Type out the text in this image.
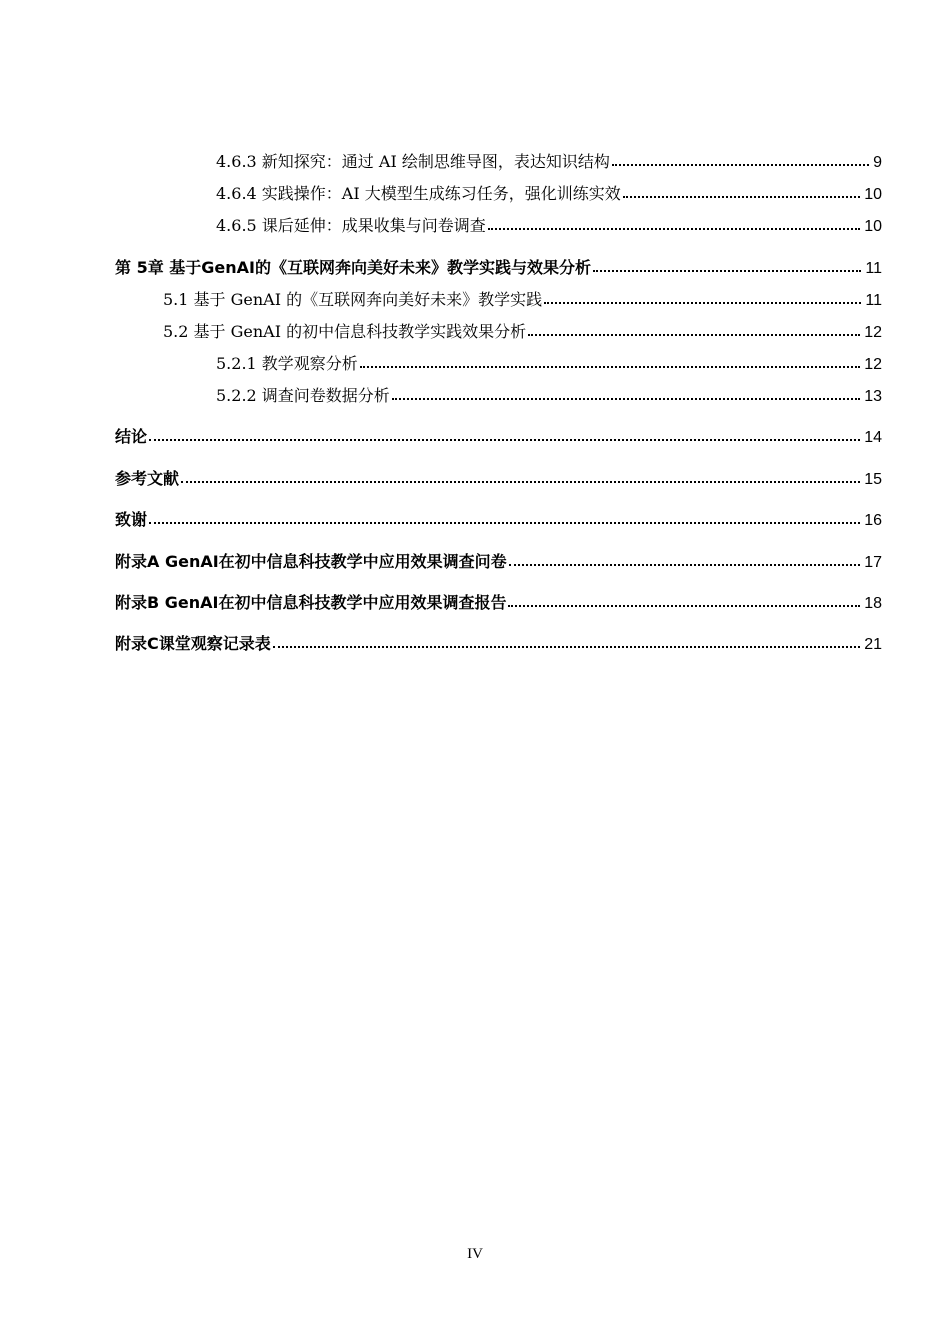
4.6.3 新知探究：通过 AI 绘制思维导图，表达知识结构	9
4.6.4 实践操作：AI 大模型生成练习任务，强化训练实效	10
4.6.5 课后延伸：成果收集与问卷调查	10
第 5章 基于GenAI的《互联网奔向美好未来》教学实践与效果分析	11
5.1 基于 GenAI 的《互联网奔向美好未来》教学实践	11
5.2 基于 GenAI 的初中信息科技教学实践效果分析	12
5.2.1 教学观察分析	12
5.2.2 调查问卷数据分析	13
结论	14
参考文献	15
致谢	16
附录A GenAI在初中信息科技教学中应用效果调查问卷	17
附录B GenAI在初中信息科技教学中应用效果调查报告	18
附录C课堂观察记录表	21
IV
